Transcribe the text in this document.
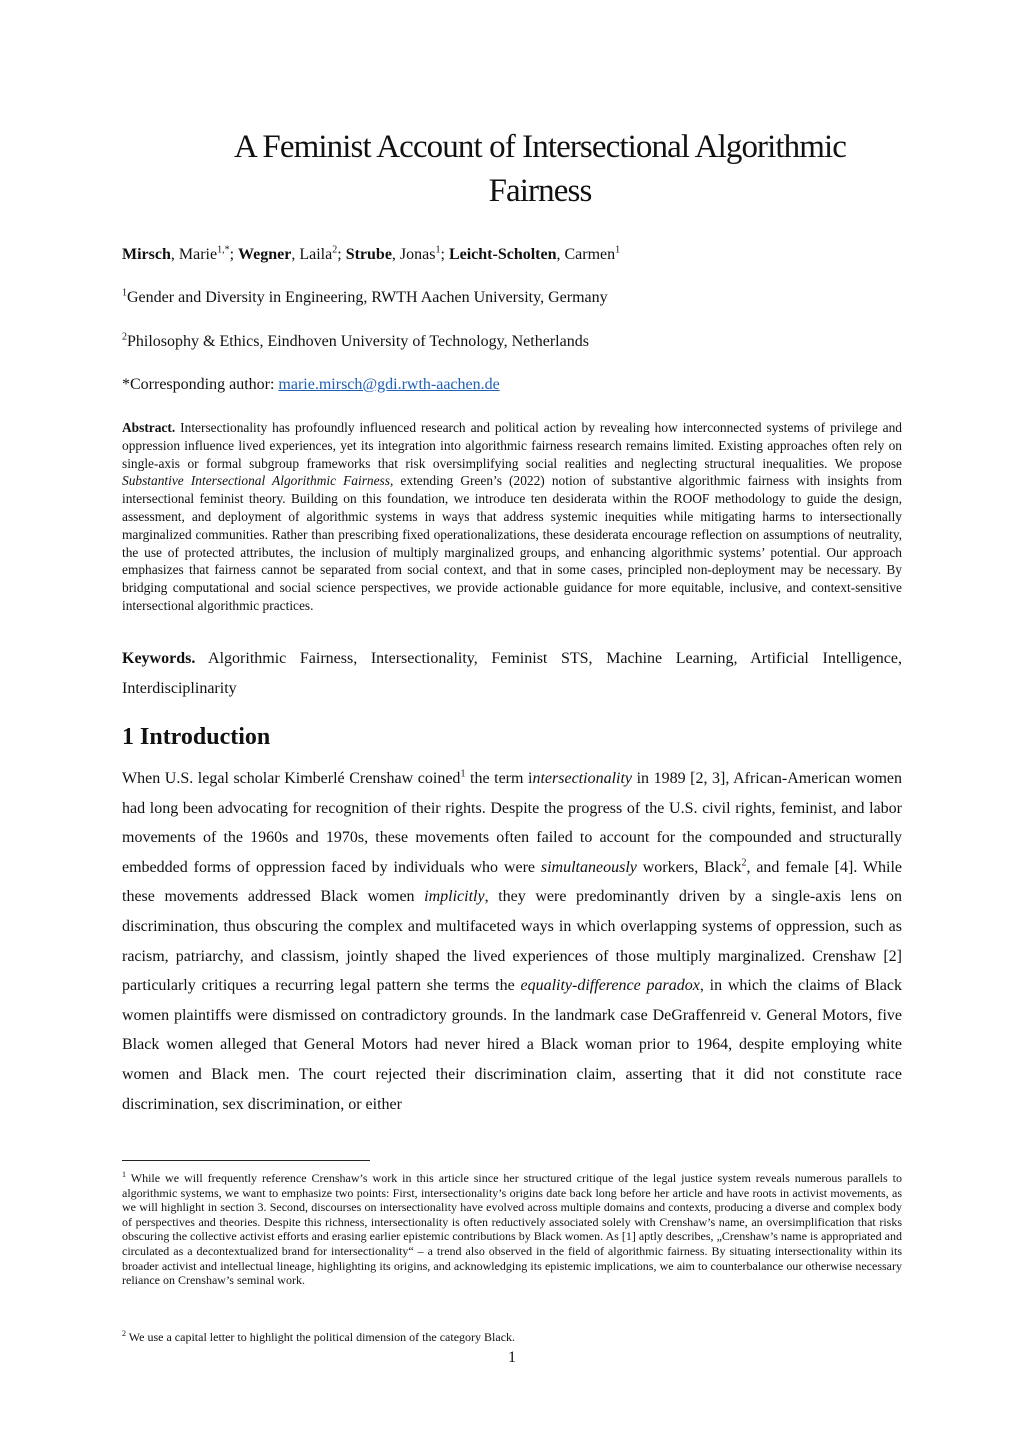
A Feminist Account of Intersectional Algorithmic
Fairness
Mirsch, Marie$^{1,*}$; Wegner, Laila$^2$; Strube, Jonas$^1$; Leicht-Scholten, Carmen$^1$
$^1$Gender and Diversity in Engineering, RWTH Aachen University, Germany
$^2$Philosophy & Ethics, Eindhoven University of Technology, Netherlands
*Corresponding author: marie.mirsch@gdi.rwth-aachen.de
Abstract. Intersectionality has profoundly influenced research and political action by revealing how interconnected systems of privilege and oppression influence lived experiences, yet its integration into algorithmic fairness research remains limited. Existing approaches often rely on single-axis or formal subgroup frameworks that risk oversimplifying social realities and neglecting structural inequalities. We propose Substantive Intersectional Algorithmic Fairness, extending Green’s (2022) notion of substantive algorithmic fairness with insights from intersectional feminist theory. Building on this foundation, we introduce ten desiderata within the ROOF methodology to guide the design, assessment, and deployment of algorithmic systems in ways that address systemic inequities while mitigating harms to intersectionally marginalized communities. Rather than prescribing fixed operationalizations, these desiderata encourage reflection on assumptions of neutrality, the use of protected attributes, the inclusion of multiply marginalized groups, and enhancing algorithmic systems’ potential. Our approach emphasizes that fairness cannot be separated from social context, and that in some cases, principled non-deployment may be necessary. By bridging computational and social science perspectives, we provide actionable guidance for more equitable, inclusive, and context-sensitive intersectional algorithmic practices.
Keywords. Algorithmic Fairness, Intersectionality, Feminist STS, Machine Learning, Artificial Intelligence, Interdisciplinarity
1 Introduction
When U.S. legal scholar Kimberlé Crenshaw coined$^1$ the term intersectionality in 1989 [2, 3], African-American women had long been advocating for recognition of their rights. Despite the progress of the U.S. civil rights, feminist, and labor movements of the 1960s and 1970s, these movements often failed to account for the compounded and structurally embedded forms of oppression faced by individuals who were simultaneously workers, Black$^2$, and female [4]. While these movements addressed Black women implicitly, they were predominantly driven by a single-axis lens on discrimination, thus obscuring the complex and multifaceted ways in which overlapping systems of oppression, such as racism, patriarchy, and classism, jointly shaped the lived experiences of those multiply marginalized. Crenshaw [2] particularly critiques a recurring legal pattern she terms the equality-difference paradox, in which the claims of Black women plaintiffs were dismissed on contradictory grounds. In the landmark case DeGraffenreid v. General Motors, five Black women alleged that General Motors had never hired a Black woman prior to 1964, despite employing white women and Black men. The court rejected their discrimination claim, asserting that it did not constitute race discrimination, sex discrimination, or either
$^1$ While we will frequently reference Crenshaw’s work in this article since her structured critique of the legal justice system reveals numerous parallels to algorithmic systems, we want to emphasize two points: First, intersectionality’s origins date back long before her article and have roots in activist movements, as we will highlight in section 3. Second, discourses on intersectionality have evolved across multiple domains and contexts, producing a diverse and complex body of perspectives and theories. Despite this richness, intersectionality is often reductively associated solely with Crenshaw’s name, an oversimplification that risks obscuring the collective activist efforts and erasing earlier epistemic contributions by Black women. As [1] aptly describes, „Crenshaw’s name is appropriated and circulated as a decontextualized brand for intersectionality“ – a trend also observed in the field of algorithmic fairness. By situating intersectionality within its broader activist and intellectual lineage, highlighting its origins, and acknowledging its epistemic implications, we aim to counterbalance our otherwise necessary reliance on Crenshaw’s seminal work.
$^2$ We use a capital letter to highlight the political dimension of the category Black.
1
